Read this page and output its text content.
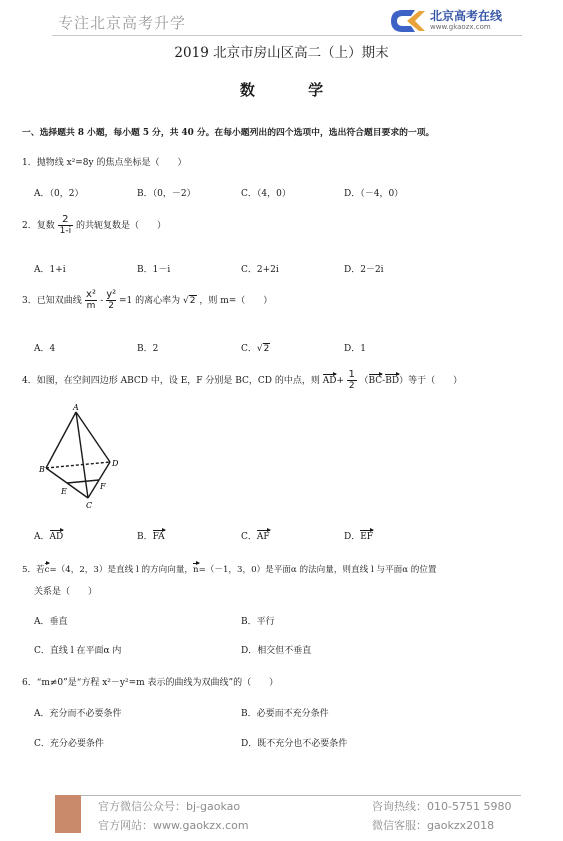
专注北京高考升学	北京高考在线
www.gkaozx.com
2019 北京市房山区高二（上）期末
数 学
一、选择题共 8 小题，每小题 5 分，共 40 分。在每小题列出的四个选项中，选出符合题目要求的一项。
1．抛物线 x²=8y 的焦点坐标是（　　）
A．（0，2）	B．（0，－2）	C．（4，0）	D．（－4，0）
2．复数 $\frac{2}{1-i}$ 的共轭复数是（　　）
A．1+i	B．1－i	C．2+2i	D．2－2i
3．已知双曲线 $\frac{\text{x²}}{m} - \frac{\text{y²}}{2} =1$ 的离心率为 √2 ，则 m=（　　）
A．4	B．2	C．√2	D．1
4．如图，在空间四边形 ABCD 中，设 E，F 分别是 BC，CD 的中点，则 $AD+ \frac{1}{2} (BC-BD)$等于（　　）
A
B
C
D
E
F
A．AD	B．FA	C．AF	D．EF
5．若c=（4，2，3）是直线 l 的方向向量，n=（－1，3，0）是平面α 的法向量，则直线 l 与平面α 的位置
关系是（　　）
A．垂直	B．平行
C．直线 l 在平面α 内	D．相交但不垂直
6．“m≠0”是“方程 x²－y²=m 表示的曲线为双曲线”的（　　）
A．充分而不必要条件	B．必要而不充分条件
C．充分必要条件	D．既不充分也不必要条件
官方微信公众号：bj-gaokao
官方网站：www.gaokzx.com
咨询热线：010-5751 5980
微信客服：gaokzx2018
